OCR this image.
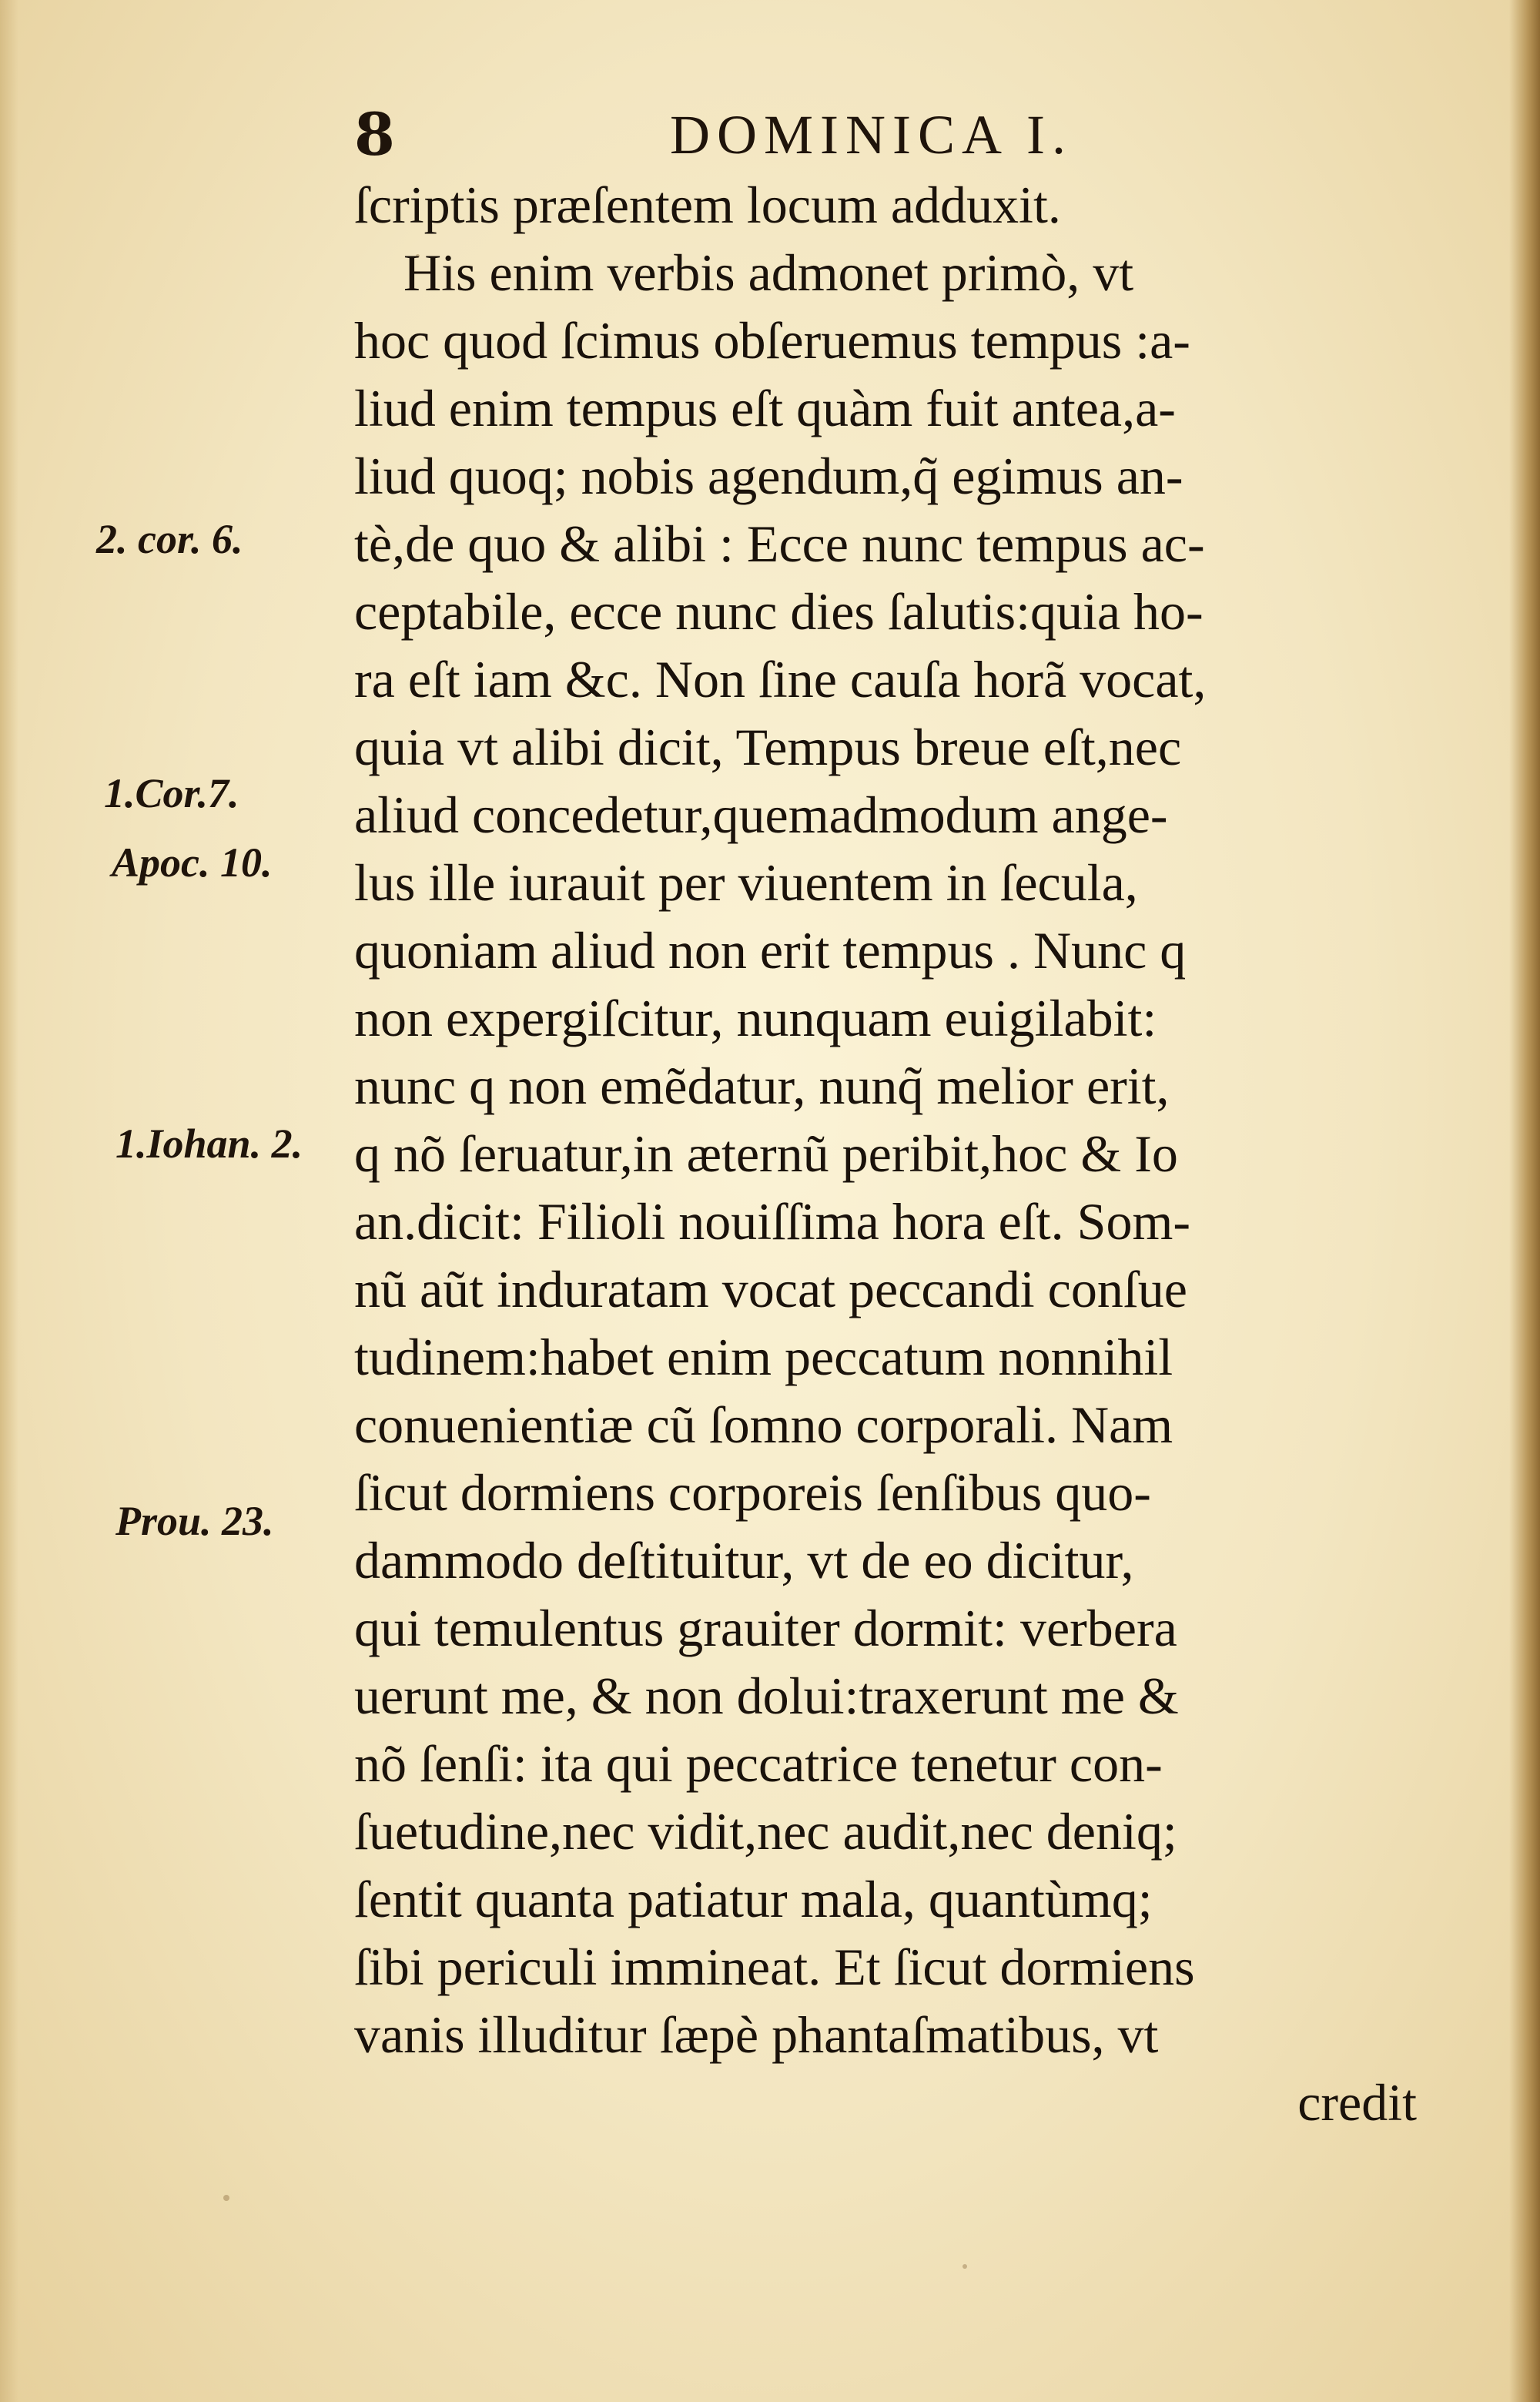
8	DOMINICA I.
ſcriptis præſentem locum adduxit.
His enim verbis admonet primò, vt
hoc quod ſcimus obſeruemus tempus :a-
liud enim tempus eſt quàm fuit antea,a-
liud quoq; nobis agendum,q̃ egimus an-
tè,de quo & alibi : Ecce nunc tempus ac-
ceptabile, ecce nunc dies ſalutis:quia ho-
ra eſt iam &c. Non ſine cauſa horã vocat,
quia vt alibi dicit, Tempus breue eſt,nec
aliud concedetur,quemadmodum ange-
lus ille iurauit per viuentem in ſecula,
quoniam aliud non erit tempus . Nunc q
non expergiſcitur, nunquam euigilabit:
nunc q non emẽdatur, nunq̃ melior erit,
q nõ ſeruatur,in æternũ peribit,hoc & Io
an.dicit: Filioli nouiſſima hora eſt. Som-
nũ aũt induratam vocat peccandi conſue
tudinem:habet enim peccatum nonnihil
conuenientiæ cũ ſomno corporali. Nam
ſicut dormiens corporeis ſenſibus quo-
dammodo deſtituitur, vt de eo dicitur,
qui temulentus grauiter dormit: verbera
uerunt me, & non dolui:traxerunt me &
nõ ſenſi: ita qui peccatrice tenetur con-
ſuetudine,nec vidit,nec audit,nec deniq;
ſentit quanta patiatur mala, quantùmq;
ſibi periculi immineat. Et ſicut dormiens
vanis illuditur ſæpè phantaſmatibus, vt
credit
2. cor. 6.
1.Cor.7.
Apoc. 10.
1.Iohan. 2.
Prou. 23.
